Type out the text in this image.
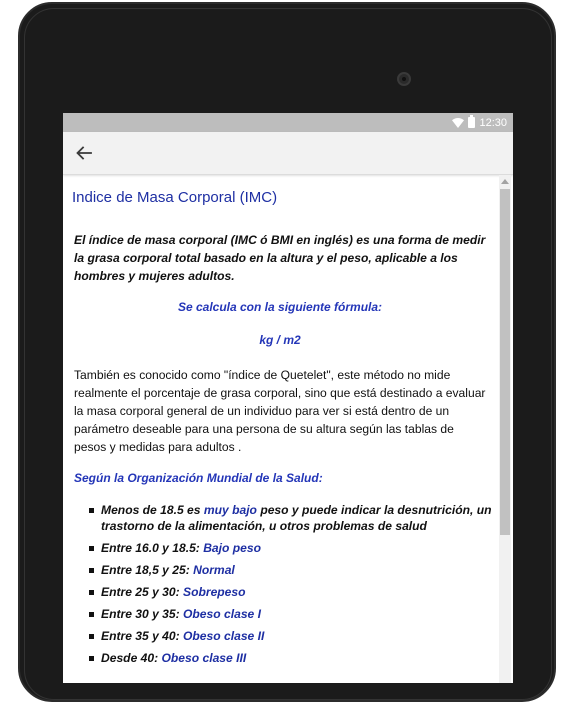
12:30
Indice de Masa Corporal (IMC)
El índice de masa corporal (IMC ó BMI en inglés) es una forma de medir la grasa corporal total basado en la altura y el peso, aplicable a los hombres y mujeres adultos.
Se calcula con la siguiente fórmula:
kg / m2
También es conocido como "índice de Quetelet", este método no mide realmente el porcentaje de grasa corporal, sino que está destinado a evaluar la masa corporal general de un individuo para ver si está dentro de un parámetro deseable para una persona de su altura según las tablas de pesos y medidas para adultos .
Según la Organización Mundial de la Salud:
Menos de 18.5 es muy bajo peso y puede indicar la desnutrición, un trastorno de la alimentación, u otros problemas de salud
Entre 16.0 y 18.5: Bajo peso
Entre 18,5 y 25: Normal
Entre 25 y 30: Sobrepeso
Entre 30 y 35: Obeso clase I
Entre 35 y 40: Obeso clase II
Desde 40: Obeso clase III
